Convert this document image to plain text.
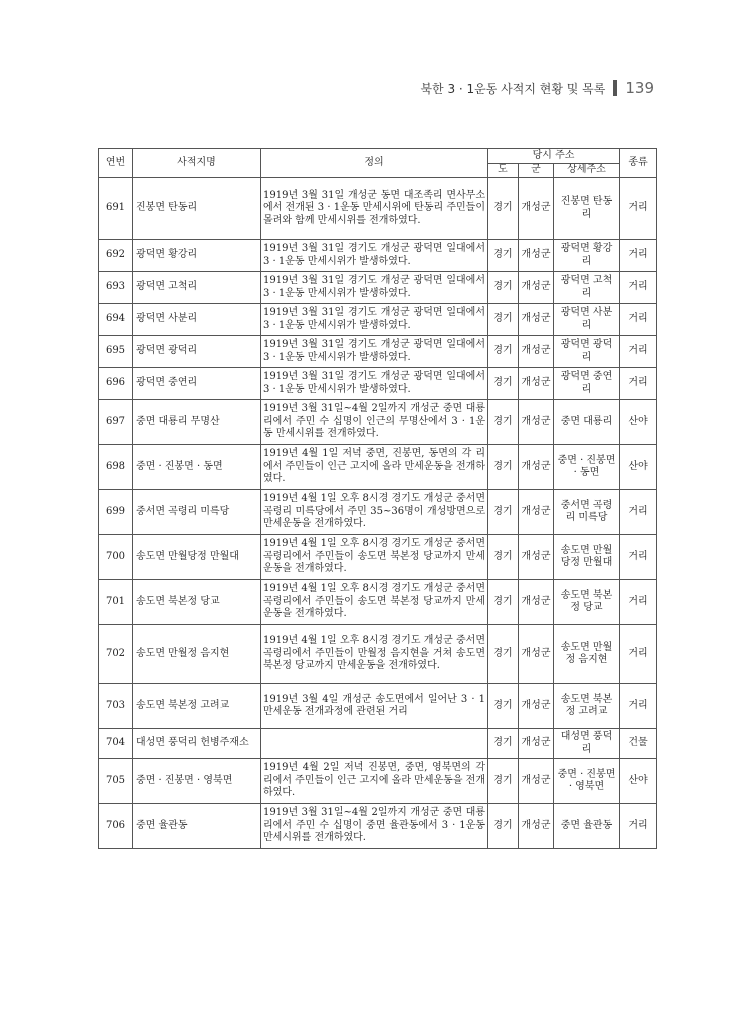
북한 3 · 1운동 사적지 현황 및 목록 139
연번	사적지명	정의	당시 주소			종류
			도	군	상세주소	
691	진봉면 탄동리	1919년 3월 31일 개성군 동면 대조족리 면사무소에서 전개된 3 · 1운동 만세시위에 탄동리 주민들이 몰려와 함께 만세시위를 전개하였다.	경기	개성군	진봉면 탄동리	거리
692	광덕면 황강리	1919년 3월 31일 경기도 개성군 광덕면 일대에서 3 · 1운동 만세시위가 발생하였다.	경기	개성군	광덕면 황강리	거리
693	광덕면 고척리	1919년 3월 31일 경기도 개성군 광덕면 일대에서 3 · 1운동 만세시위가 발생하였다.	경기	개성군	광덕면 고척리	거리
694	광덕면 사분리	1919년 3월 31일 경기도 개성군 광덕면 일대에서 3 · 1운동 만세시위가 발생하였다.	경기	개성군	광덕면 사분리	거리
695	광덕면 광덕리	1919년 3월 31일 경기도 개성군 광덕면 일대에서 3 · 1운동 만세시위가 발생하였다.	경기	개성군	광덕면 광덕리	거리
696	광덕면 중연리	1919년 3월 31일 경기도 개성군 광덕면 일대에서 3 · 1운동 만세시위가 발생하였다.	경기	개성군	광덕면 중연리	거리
697	중면 대룡리 무명산	1919년 3월 31일~4월 2일까지 개성군 중면 대룡리에서 주민 수 십명이 인근의 무명산에서 3 · 1운동 만세시위를 전개하였다.	경기	개성군	중면 대룡리	산야
698	중면 · 진봉면 · 동면	1919년 4월 1일 저녁 중면, 진봉면, 동면의 각 리에서 주민들이 인근 고지에 올라 만세운동을 전개하였다.	경기	개성군	중면 · 진봉면 · 동면	산야
699	중서면 곡령리 미륵당	1919년 4월 1일 오후 8시경 경기도 개성군 중서면 곡령리 미륵당에서 주민 35~36명이 개성방면으로 만세운동을 전개하였다.	경기	개성군	중서면 곡령리 미륵당	거리
700	송도면 만월당정 만월대	1919년 4월 1일 오후 8시경 경기도 개성군 중서면 곡령리에서 주민들이 송도면 북본정 당교까지 만세운동을 전개하였다.	경기	개성군	송도면 만월당정 만월대	거리
701	송도면 북본정 당교	1919년 4월 1일 오후 8시경 경기도 개성군 중서면 곡령리에서 주민들이 송도면 북본정 당교까지 만세운동을 전개하였다.	경기	개성군	송도면 북본정 당교	거리
702	송도면 만월정 음지현	1919년 4월 1일 오후 8시경 경기도 개성군 중서면 곡령리에서 주민들이 만월정 음지현을 거쳐 송도면 북본정 당교까지 만세운동을 전개하였다.	경기	개성군	송도면 만월정 음지현	거리
703	송도면 북본정 고려교	1919년 3월 4일 개성군 송도면에서 일어난 3 · 1만세운동 전개과정에 관련된 거리	경기	개성군	송도면 북본정 고려교	거리
704	대성면 풍덕리 헌병주재소		경기	개성군	대성면 풍덕리	건물
705	중면 · 진봉면 · 영북면	1919년 4월 2일 저녁 진봉면, 중면, 영북면의 각 리에서 주민들이 인근 고지에 올라 만세운동을 전개하였다.	경기	개성군	중면 · 진봉면 · 영북면	산야
706	중면 율관동	1919년 3월 31일~4월 2일까지 개성군 중면 대룡리에서 주민 수 십명이 중면 율관동에서 3 · 1운동 만세시위를 전개하였다.	경기	개성군	중면 율관동	거리
